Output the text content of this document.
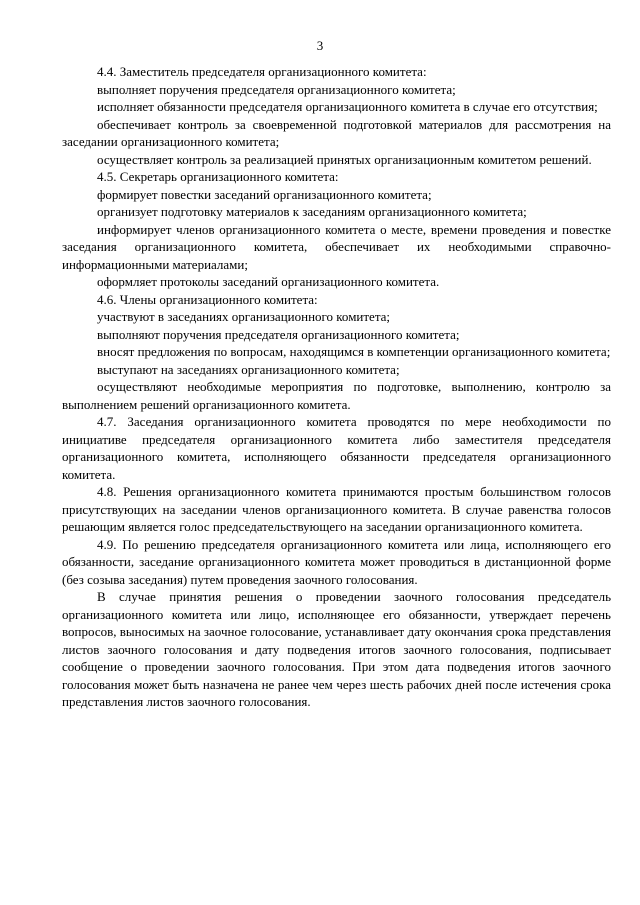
3

4.4. Заместитель председателя организационного комитета:

выполняет поручения председателя организационного комитета;

исполняет обязанности председателя организационного комитета в случае его отсутствия;

обеспечивает контроль за своевременной подготовкой материалов для рассмотрения на заседании организационного комитета;

осуществляет контроль за реализацией принятых организационным комитетом решений.

4.5. Секретарь организационного комитета:

формирует повестки заседаний организационного комитета;

организует подготовку материалов к заседаниям организационного комитета;

информирует членов организационного комитета о месте, времени проведения и повестке заседания организационного комитета, обеспечивает их необходимыми справочно-информационными материалами;

оформляет протоколы заседаний организационного комитета.

4.6. Члены организационного комитета:

участвуют в заседаниях организационного комитета;

выполняют поручения председателя организационного комитета;

вносят предложения по вопросам, находящимся в компетенции организационного комитета;

выступают на заседаниях организационного комитета;

осуществляют необходимые мероприятия по подготовке, выполнению, контролю за выполнением решений организационного комитета.

4.7. Заседания организационного комитета проводятся по мере необходимости по инициативе председателя организационного комитета либо заместителя председателя организационного комитета, исполняющего обязанности председателя организационного комитета.

4.8. Решения организационного комитета принимаются простым большинством голосов присутствующих на заседании членов организационного комитета. В случае равенства голосов решающим является голос председательствующего на заседании организационного комитета.

4.9. По решению председателя организационного комитета или лица, исполняющего его обязанности, заседание организационного комитета может проводиться в дистанционной форме (без созыва заседания) путем проведения заочного голосования.

В случае принятия решения о проведении заочного голосования председатель организационного комитета или лицо, исполняющее его обязанности, утверждает перечень вопросов, выносимых на заочное голосование, устанавливает дату окончания срока представления листов заочного голосования и дату подведения итогов заочного голосования, подписывает сообщение о проведении заочного голосования. При этом дата подведения итогов заочного голосования может быть назначена не ранее чем через шесть рабочих дней после истечения срока представления листов заочного голосования.
